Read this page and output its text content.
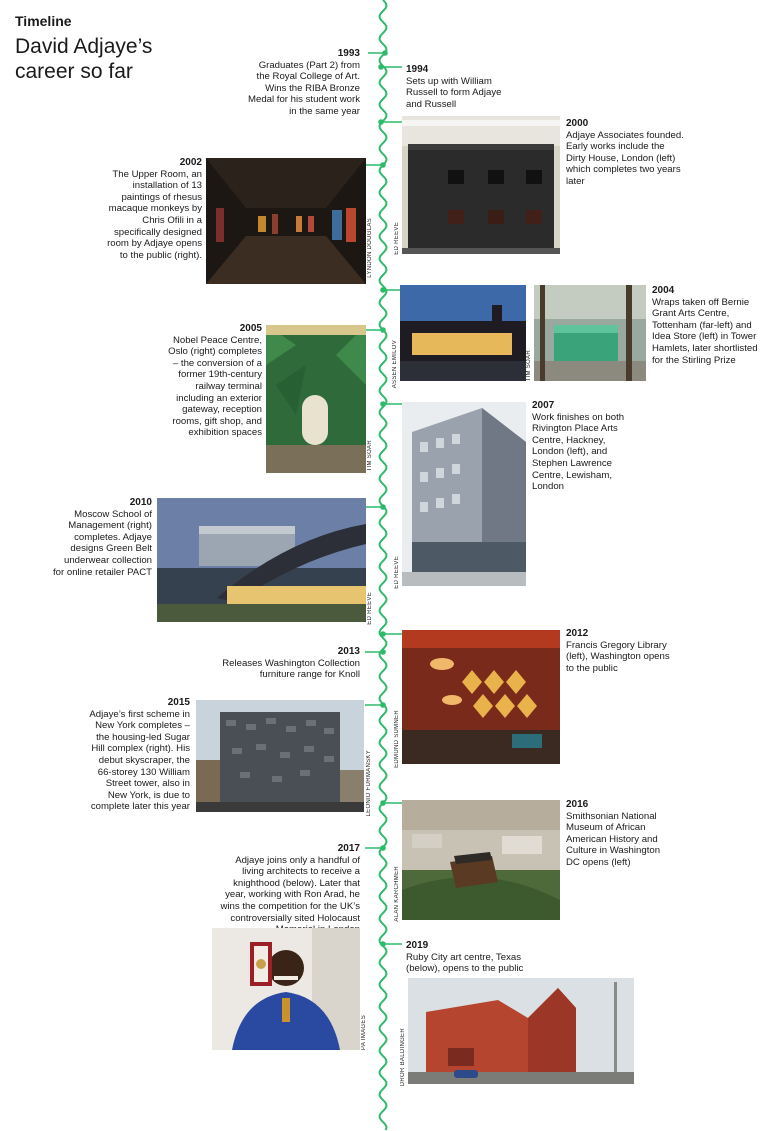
Timeline
David Adjaye’s career so far
1993
Graduates (Part 2) from the Royal College of Art. Wins the RIBA Bronze Medal for his student work in the same year
1994
Sets up with William Russell to form Adjaye and Russell
ED REEVE
2000
Adjaye Associates founded. Early works include the Dirty House, London (left) which completes two years later
2002
The Upper Room, an installation of 13 paintings of rhesus macaque monkeys by Chris Ofili in a specifically designed room by Adjaye opens to the public (right).	LYNDON DOUGLAS
ASSEN EMILOV	TIM SOAR
2004
Wraps taken off Bernie Grant Arts Centre, Tottenham (far-left) and Idea Store (left) in Tower Hamlets, later shortlisted for the Stirling Prize
2005
Nobel Peace Centre, Oslo (right) completes – the conversion of a former 19th-century railway terminal including an exterior gateway, reception rooms, gift shop, and exhibition spaces
TIM SOAR
ED REEVE
2007
Work finishes on both Rivington Place Arts Centre, Hackney, London (left), and Stephen Lawrence Centre, Lewisham, London
2010
Moscow School of Management (right) completes. Adjaye designs Green Belt underwear collection for online retailer PACT
ED REEVE
EDMUND SUMNER
2012
Francis Gregory Library (left), Washington opens to the public
2013
Releases Washington Collection furniture range for Knoll
2015
Adjaye’s first scheme in New York completes – the housing-led Sugar Hill complex (right). His debut skyscraper, the 66-storey 130 William Street tower, also in New York, is due to complete later this year	LEONID FURMANSKY
ALAN KARCHMER
2016
Smithsonian National Museum of African American History and Culture in Washington DC opens (left)
2017
Adjaye joins only a handful of living architects to receive a knighthood (below). Later that year, working with Ron Arad, he wins the competition for the UK’s controversially sited Holocaust
PA IMAGES
2019
Ruby City art centre, Texas (below), opens to the public
DROR BALDINGER
